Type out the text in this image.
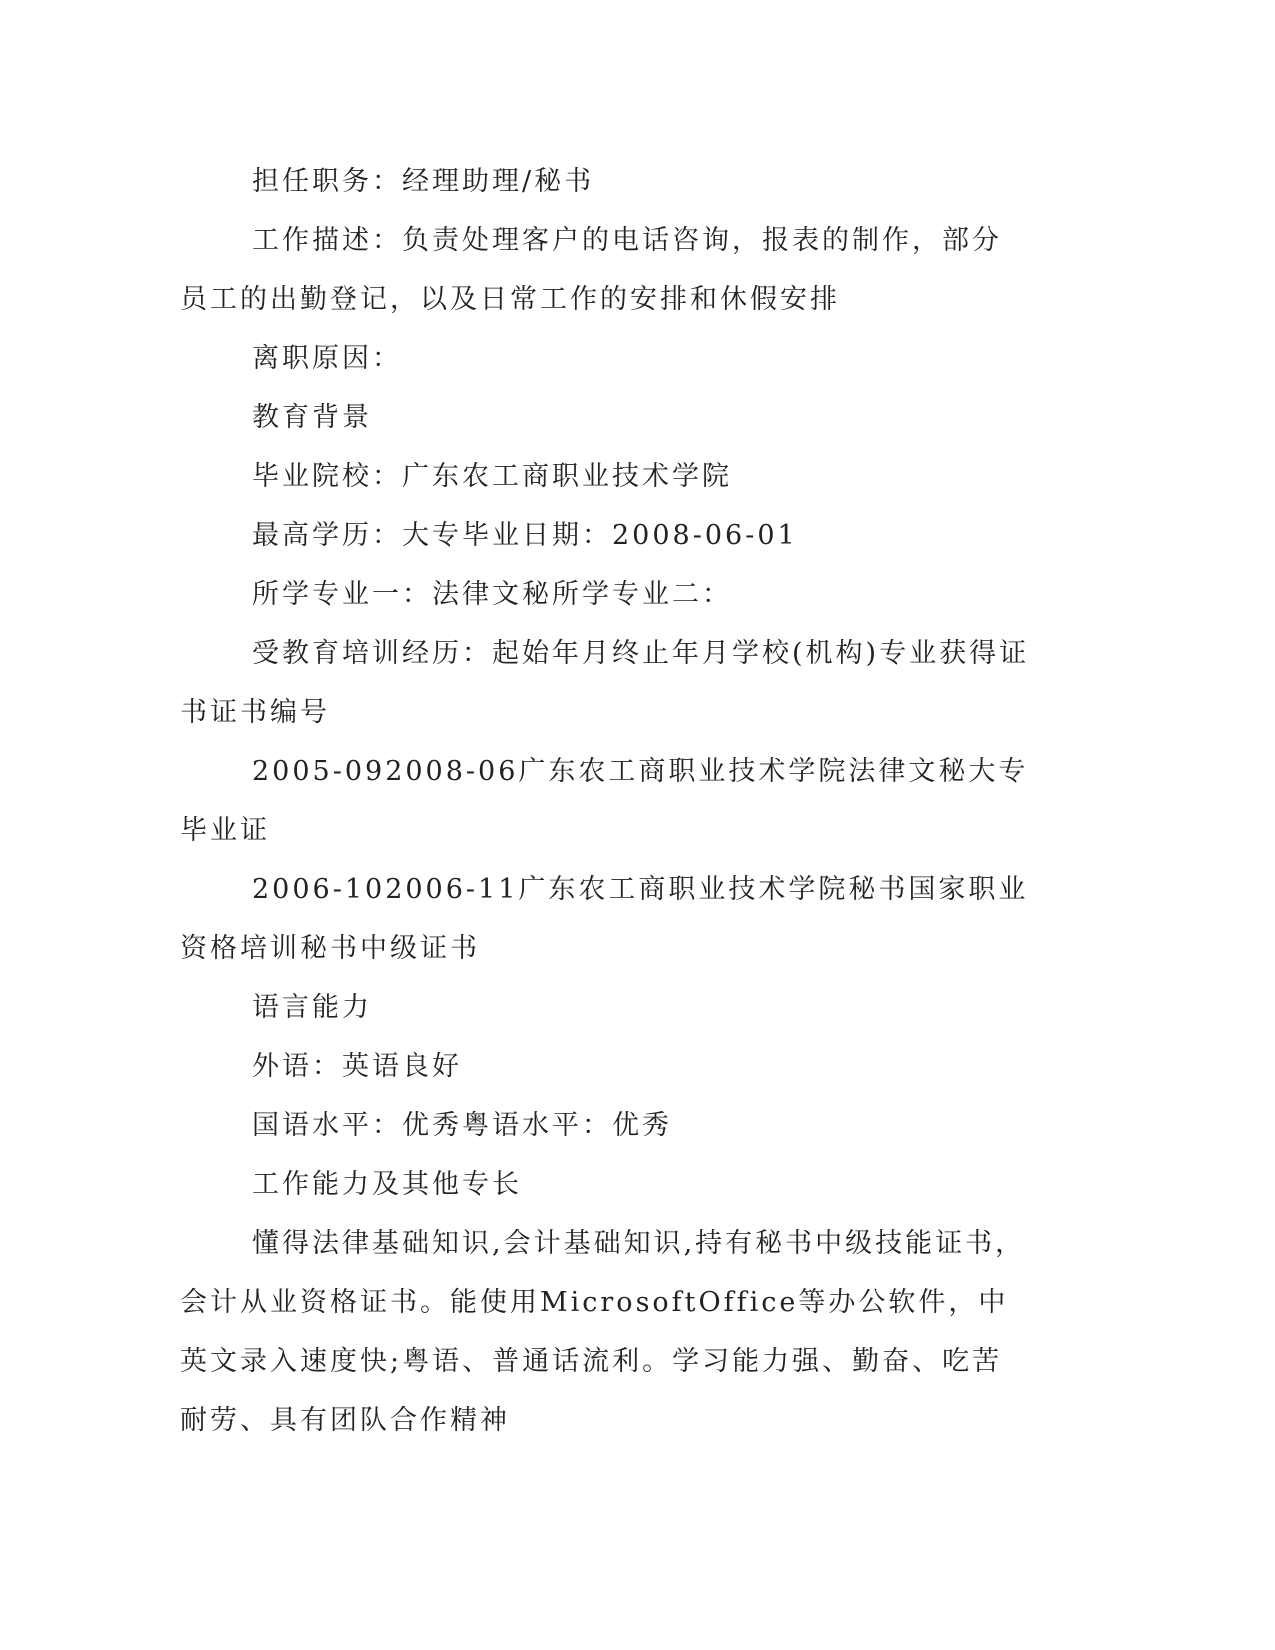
担任职务：经理助理/秘书

工作描述：负责处理客户的电话咨询，报表的制作，部分员工的出勤登记，以及日常工作的安排和休假安排

离职原因：

教育背景

毕业院校：广东农工商职业技术学院

最高学历：大专毕业日期：2008-06-01

所学专业一：法律文秘所学专业二：

受教育培训经历：起始年月终止年月学校(机构)专业获得证书证书编号

2005-092008-06广东农工商职业技术学院法律文秘大专毕业证

2006-102006-11广东农工商职业技术学院秘书国家职业资格培训秘书中级证书

语言能力

外语：英语良好

国语水平：优秀粤语水平：优秀

工作能力及其他专长

懂得法律基础知识,会计基础知识,持有秘书中级技能证书，会计从业资格证书。能使用MicrosoftOffice等办公软件，中英文录入速度快;粤语、普通话流利。学习能力强、勤奋、吃苦耐劳、具有团队合作精神
